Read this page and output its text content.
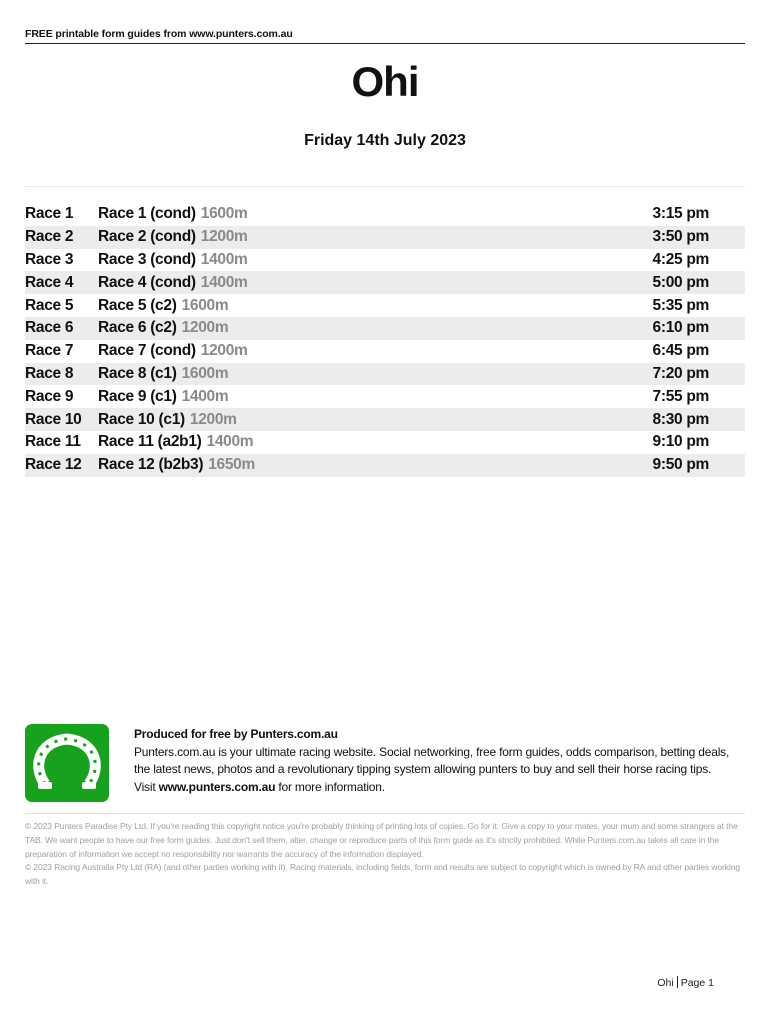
FREE printable form guides from www.punters.com.au
Ohi
Friday 14th July 2023
Race 1	Race 1 (cond) 1600m	3:15 pm
Race 2	Race 2 (cond) 1200m	3:50 pm
Race 3	Race 3 (cond) 1400m	4:25 pm
Race 4	Race 4 (cond) 1400m	5:00 pm
Race 5	Race 5 (c2) 1600m	5:35 pm
Race 6	Race 6 (c2) 1200m	6:10 pm
Race 7	Race 7 (cond) 1200m	6:45 pm
Race 8	Race 8 (c1) 1600m	7:20 pm
Race 9	Race 9 (c1) 1400m	7:55 pm
Race 10	Race 10 (c1) 1200m	8:30 pm
Race 11	Race 11 (a2b1) 1400m	9:10 pm
Race 12	Race 12 (b2b3) 1650m	9:50 pm
Produced for free by Punters.com.au
Punters.com.au is your ultimate racing website. Social networking, free form guides, odds comparison, betting deals, the latest news, photos and a revolutionary tipping system allowing punters to buy and sell their horse racing tips.
Visit www.punters.com.au for more information.
© 2023 Punters Paradise Pty Ltd. If you're reading this copyright notice you're probably thinking of printing lots of copies. Go for it. Give a copy to your mates, your mum and some strangers at the TAB. We want people to have our free form guides. Just don't sell them, alter, change or reproduce parts of this form guide as it's strictly prohibited. While Punters.com.au takes all care in the preparation of information we accept no responsibility nor warrants the accuracy of the information displayed.
© 2023 Racing Australia Pty Ltd (RA) (and other parties working with it). Racing materials, including fields, form and results are subject to copyright which is owned by RA and other parties working with it.
Ohi Page 1
